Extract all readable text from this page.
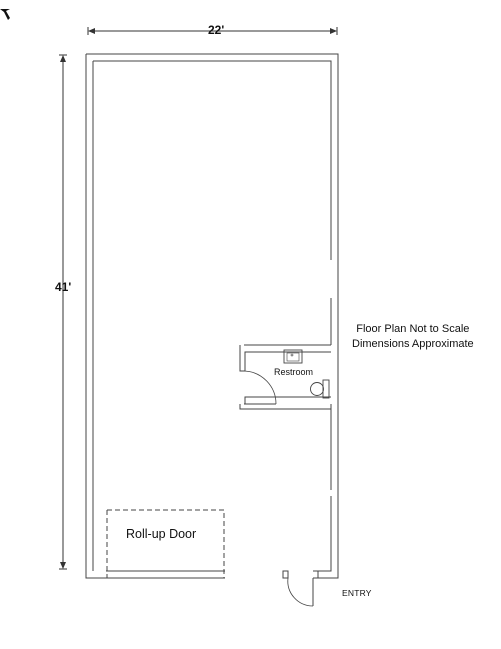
22'
41'
Floor Plan Not to Scale
Dimensions Approximate
Restroom
Roll-up Door
ENTRY
